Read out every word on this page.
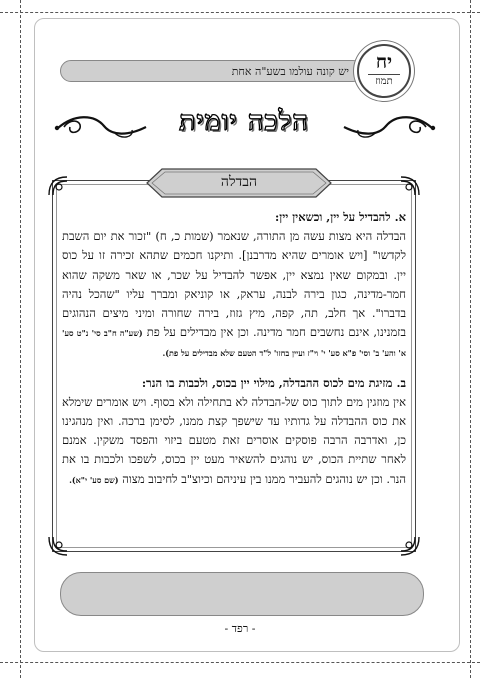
יש קונה עולמו בשע"ה אחת	יח
תמוז
הלכה יומית
הבדלה

א. להבדיל על יין, וכשאין יין:
הבדלה היא מצות עשה מן התורה, שנאמר (שמות כ, ח) "זכור את יום השבת לקדשו" [ויש אומרים שהיא מדרבנן]. ותיקנו חכמים שתהא זכירה זו על כוס יין. ובמקום שאין נמצא יין, אפשר להבדיל על שכר, או שאר משקה שהוא חמר-מדינה, כגון בירה לבנה, עראק, או קוניאק ומברך עליו "שהכל נהיה בדברו". אך חלב, תה, קפה, מיץ גזוז, בירה שחורה ומיני מיצים הנהוגים בזמנינו, אינם נחשבים חמר מדינה. וכן אין מבדילים על פת (שע"ה ח"ב סי' נ"ט סע' א' והע' ב' וסי' פ"א סע' י' וי"ז ועיין בחזו' ל"ד הטעם שלא מבדילים על פת).

ב. מזיגת מים לכוס ההבדלה, מילוי יין בכוס, ולכבות בו הנר:
אין מוזגין מים לתוך כוס של-הבדלה לא בתחילה ולא בסוף. ויש אומרים שימלא את כוס ההבדלה על גדותיו עד שישפך קצת ממנו, לסימן ברכה. ואין מנהגינו כן, ואדרבה הרבה פוסקים אוסרים זאת מטעם ביזוי והפסד משקין. אמנם לאחר שתיית הכוס, יש נוהגים להשאיר מעט יין בכוס, לשפכו ולכבות בו את הנר. וכן יש נוהגים להעביר ממנו בין עיניהם וכיוצ"ב לחיבוב מצוה (שם סע' י"א).

- רפד -
